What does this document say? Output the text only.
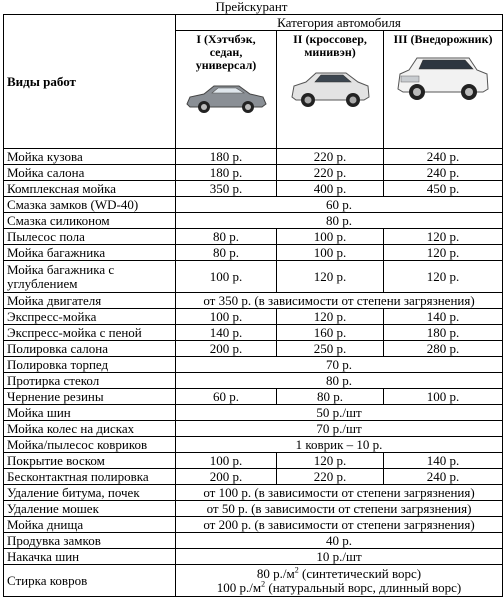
Прейскурант
Виды работ	Категория автомобиля		

	I (Хэтчбэк, седан, универсал)	II (кроссовер, минивэн)	III (Внедорожник)

Мойка кузова	180 р.	220 р.	240 р.
Мойка салона	180 р.	220 р.	240 р.
Комплексная мойка	350 р.	400 р.	450 р.
Смазка замков (WD-40)	60 р.		
Смазка силиконом	80 р.		
Пылесос пола	80 р.	100 р.	120 р.
Мойка багажника	80 р.	100 р.	120 р.
Мойка багажника с углублением	100 р.	120 р.	120 р.
Мойка двигателя	от 350 р. (в зависимости от степени загрязнения)		
Экспресс-мойка	100 р.	120 р.	140 р.
Экспресс-мойка с пеной	140 р.	160 р.	180 р.
Полировка салона	200 р.	250 р.	280 р.
Полировка торпед	70 р.		
Протирка стекол	80 р.		
Чернение резины	60 р.	80 р.	100 р.
Мойка шин	50 р./шт		
Мойка колес на дисках	70 р./шт		
Мойка/пылесос ковриков	1 коврик – 10 р.		
Покрытие воском	100 р.	120 р.	140 р.
Бесконтактная полировка	200 р.	220 р.	240 р.
Удаление битума, почек	от 100 р. (в зависимости от степени загрязнения)		
Удаление мошек	от 50 р. (в зависимости от степени загрязнения)		
Мойка днища	от 200 р. (в зависимости от степени загрязнения)		
Продувка замков	40 р.		
Накачка шин	10 р./шт		
Стирка ковров	80 $р./м^2$ (синтетический ворс)
100 $р./м^2$ (натуральный ворс, длинный ворс)		
